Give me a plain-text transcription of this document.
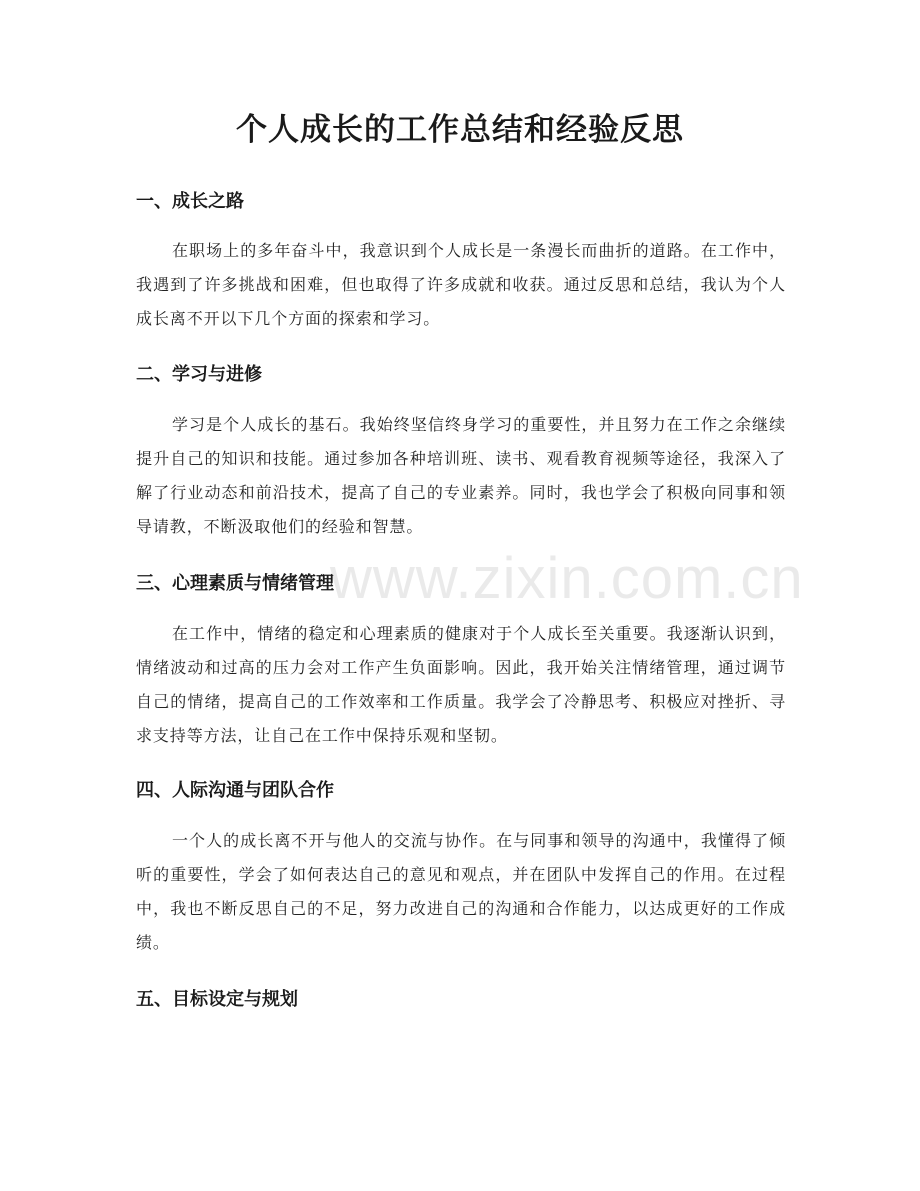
个人成长的工作总结和经验反思
一、成长之路

在职场上的多年奋斗中，我意识到个人成长是一条漫长而曲折的道路。在工作中，我遇到了许多挑战和困难，但也取得了许多成就和收获。通过反思和总结，我认为个人成长离不开以下几个方面的探索和学习。

二、学习与进修

学习是个人成长的基石。我始终坚信终身学习的重要性，并且努力在工作之余继续提升自己的知识和技能。通过参加各种培训班、读书、观看教育视频等途径，我深入了解了行业动态和前沿技术，提高了自己的专业素养。同时，我也学会了积极向同事和领导请教，不断汲取他们的经验和智慧。

三、心理素质与情绪管理

在工作中，情绪的稳定和心理素质的健康对于个人成长至关重要。我逐渐认识到，情绪波动和过高的压力会对工作产生负面影响。因此，我开始关注情绪管理，通过调节自己的情绪，提高自己的工作效率和工作质量。我学会了冷静思考、积极应对挫折、寻求支持等方法，让自己在工作中保持乐观和坚韧。

四、人际沟通与团队合作

一个人的成长离不开与他人的交流与协作。在与同事和领导的沟通中，我懂得了倾听的重要性，学会了如何表达自己的意见和观点，并在团队中发挥自己的作用。在过程中，我也不断反思自己的不足，努力改进自己的沟通和合作能力，以达成更好的工作成绩。

五、目标设定与规划
www.zixin.com.cn
